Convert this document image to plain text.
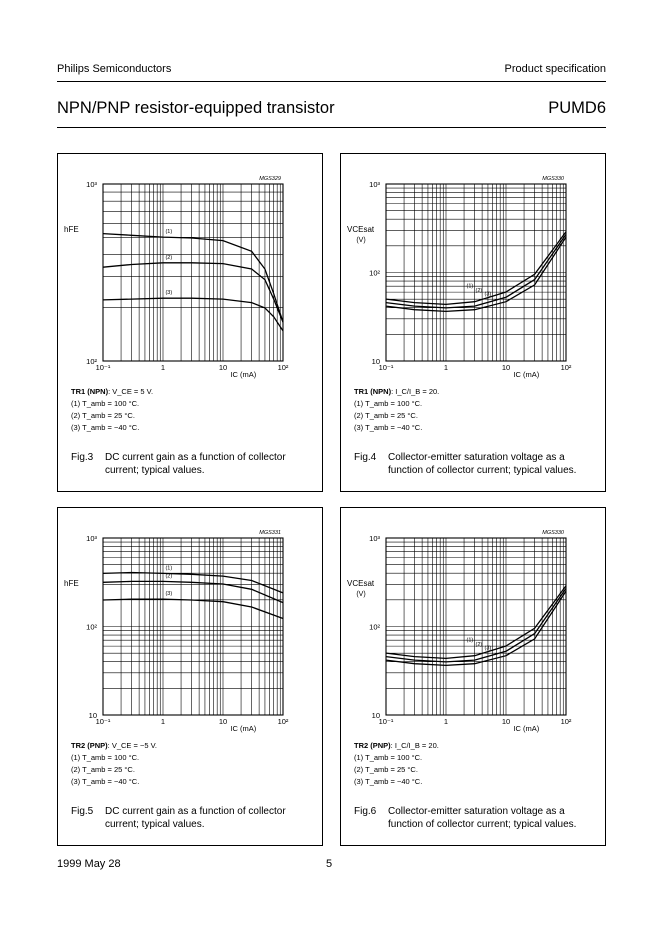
Philips Semiconductors	Product specification
NPN/PNP resistor-equipped transistor	PUMD6
MGS329
10³
10²
10⁻¹	1	10	10²
IC (mA)
hFE	(1)
(2)
(3)
TR1 (NPN): V_CE = 5 V.
(1) T_amb = 100 °C.
(2) T_amb = 25 °C.
(3) T_amb = −40 °C.
Fig.3 DC current gain as a function of collector current; typical values.
MGS330
10³
10²
10
10⁻¹	1	10	10²
IC (mA)
VCEsat
(V)
(1)
(2)
(3)
TR1 (NPN): I_C/I_B = 20.
(1) T_amb = 100 °C.
(2) T_amb = 25 °C.
(3) T_amb = −40 °C.
Fig.4 Collector-emitter saturation voltage as a function of collector current; typical values.
MGS331
10³
10²
10
10⁻¹	1	10	10²
IC (mA)
hFE
(1)
(2)
(3)
TR2 (PNP): V_CE = −5 V.
(1) T_amb = 100 °C.
(2) T_amb = 25 °C.
(3) T_amb = −40 °C.
Fig.5 DC current gain as a function of collector current; typical values.
MGS330
10³
10²
10
10⁻¹	1	10	10²
IC (mA)
VCEsat
(V)
(1)
(2)
(3)
TR2 (PNP): I_C/I_B = 20.
(1) T_amb = 100 °C.
(2) T_amb = 25 °C.
(3) T_amb = −40 °C.
Fig.6 Collector-emitter saturation voltage as a function of collector current; typical values.
1999 May 28	5
